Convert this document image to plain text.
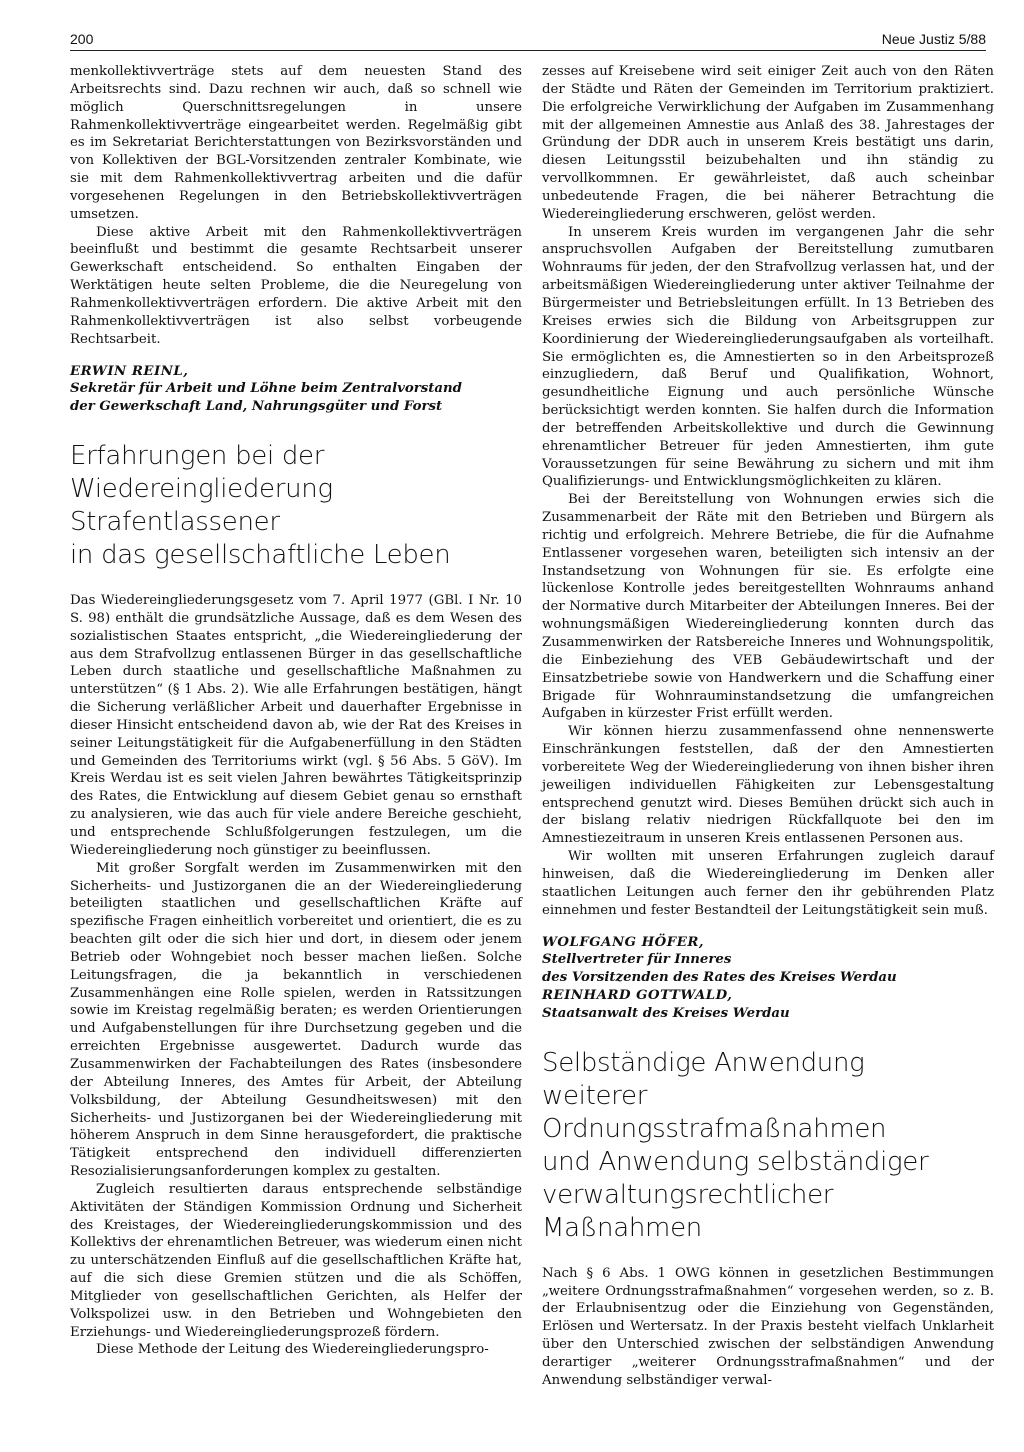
200	Neue Justiz 5/88

menkollektivverträge stets auf dem neuesten Stand des Arbeitsrechts sind. Dazu rechnen wir auch, daß so schnell wie möglich Querschnittsregelungen in unsere Rahmenkollektivverträge eingearbeitet werden. Regelmäßig gibt es im Sekretariat Berichterstattungen von Bezirksvorständen und von Kollektiven der BGL-Vorsitzenden zentraler Kombinate, wie sie mit dem Rahmenkollektivvertrag arbeiten und die dafür vorgesehenen Regelungen in den Betriebskollektivverträgen umsetzen.

Diese aktive Arbeit mit den Rahmenkollektivverträgen beeinflußt und bestimmt die gesamte Rechtsarbeit unserer Gewerkschaft entscheidend. So enthalten Eingaben der Werktätigen heute selten Probleme, die die Neuregelung von Rahmenkollektivverträgen erfordern. Die aktive Arbeit mit den Rahmenkollektivverträgen ist also selbst vorbeugende Rechtsarbeit.

ERWIN REINL,
Sekretär für Arbeit und Löhne beim Zentralvorstand
der Gewerkschaft Land, Nahrungsgüter und Forst
Erfahrungen bei der
Wiedereingliederung Strafentlassener
in das gesellschaftliche Leben

Das Wiedereingliederungsgesetz vom 7. April 1977 (GBl. I Nr. 10 S. 98) enthält die grundsätzliche Aussage, daß es dem Wesen des sozialistischen Staates entspricht, „die Wiedereingliederung der aus dem Strafvollzug entlassenen Bürger in das gesellschaftliche Leben durch staatliche und gesellschaftliche Maßnahmen zu unterstützen“ (§ 1 Abs. 2). Wie alle Erfahrungen bestätigen, hängt die Sicherung verläßlicher Arbeit und dauerhafter Ergebnisse in dieser Hinsicht entscheidend davon ab, wie der Rat des Kreises in seiner Leitungstätigkeit für die Aufgabenerfüllung in den Städten und Gemeinden des Territoriums wirkt (vgl. § 56 Abs. 5 GöV). Im Kreis Werdau ist es seit vielen Jahren bewährtes Tätigkeitsprinzip des Rates, die Entwicklung auf diesem Gebiet genau so ernsthaft zu analysieren, wie das auch für viele andere Bereiche geschieht, und entsprechende Schlußfolgerungen festzulegen, um die Wiedereingliederung noch günstiger zu beeinflussen.

Mit großer Sorgfalt werden im Zusammenwirken mit den Sicherheits- und Justizorganen die an der Wiedereingliederung beteiligten staatlichen und gesellschaftlichen Kräfte auf spezifische Fragen einheitlich vorbereitet und orientiert, die es zu beachten gilt oder die sich hier und dort, in diesem oder jenem Betrieb oder Wohngebiet noch besser machen ließen. Solche Leitungsfragen, die ja bekanntlich in verschiedenen Zusammenhängen eine Rolle spielen, werden in Ratssitzungen sowie im Kreistag regelmäßig beraten; es werden Orientierungen und Aufgabenstellungen für ihre Durchsetzung gegeben und die erreichten Ergebnisse ausgewertet. Dadurch wurde das Zusammenwirken der Fachabteilungen des Rates (insbesondere der Abteilung Inneres, des Amtes für Arbeit, der Abteilung Volksbildung, der Abteilung Gesundheitswesen) mit den Sicherheits- und Justizorganen bei der Wiedereingliederung mit höherem Anspruch in dem Sinne herausgefordert, die praktische Tätigkeit entsprechend den individuell differenzierten Resozialisierungsanforderungen komplex zu gestalten.

Zugleich resultierten daraus entsprechende selbständige Aktivitäten der Ständigen Kommission Ordnung und Sicherheit des Kreistages, der Wiedereingliederungskommission und des Kollektivs der ehrenamtlichen Betreuer, was wiederum einen nicht zu unterschätzenden Einfluß auf die gesellschaftlichen Kräfte hat, auf die sich diese Gremien stützen und die als Schöffen, Mitglieder von gesellschaftlichen Gerichten, als Helfer der Volkspolizei usw. in den Betrieben und Wohngebieten den Erziehungs- und Wiedereingliederungsprozeß fördern.

Diese Methode der Leitung des Wiedereingliederungspro-

zesses auf Kreisebene wird seit einiger Zeit auch von den Räten der Städte und Räten der Gemeinden im Territorium praktiziert. Die erfolgreiche Verwirklichung der Aufgaben im Zusammenhang mit der allgemeinen Amnestie aus Anlaß des 38. Jahrestages der Gründung der DDR auch in unserem Kreis bestätigt uns darin, diesen Leitungsstil beizubehalten und ihn ständig zu vervollkommnen. Er gewährleistet, daß auch scheinbar unbedeutende Fragen, die bei näherer Betrachtung die Wiedereingliederung erschweren, gelöst werden.

In unserem Kreis wurden im vergangenen Jahr die sehr anspruchsvollen Aufgaben der Bereitstellung zumutbaren Wohnraums für jeden, der den Strafvollzug verlassen hat, und der arbeitsmäßigen Wiedereingliederung unter aktiver Teilnahme der Bürgermeister und Betriebsleitungen erfüllt. In 13 Betrieben des Kreises erwies sich die Bildung von Arbeitsgruppen zur Koordinierung der Wiedereingliederungsaufgaben als vorteilhaft. Sie ermöglichten es, die Amnestierten so in den Arbeitsprozeß einzugliedern, daß Beruf und Qualifikation, Wohnort, gesundheitliche Eignung und auch persönliche Wünsche berücksichtigt werden konnten. Sie halfen durch die Information der betreffenden Arbeitskollektive und durch die Gewinnung ehrenamtlicher Betreuer für jeden Amnestierten, ihm gute Voraussetzungen für seine Bewährung zu sichern und mit ihm Qualifizierungs- und Entwicklungsmöglichkeiten zu klären.

Bei der Bereitstellung von Wohnungen erwies sich die Zusammenarbeit der Räte mit den Betrieben und Bürgern als richtig und erfolgreich. Mehrere Betriebe, die für die Aufnahme Entlassener vorgesehen waren, beteiligten sich intensiv an der Instandsetzung von Wohnungen für sie. Es erfolgte eine lückenlose Kontrolle jedes bereitgestellten Wohnraums anhand der Normative durch Mitarbeiter der Abteilungen Inneres. Bei der wohnungsmäßigen Wiedereingliederung konnten durch das Zusammenwirken der Ratsbereiche Inneres und Wohnungspolitik, die Einbeziehung des VEB Gebäudewirtschaft und der Einsatzbetriebe sowie von Handwerkern und die Schaffung einer Brigade für Wohnrauminstandsetzung die umfangreichen Aufgaben in kürzester Frist erfüllt werden.

Wir können hierzu zusammenfassend ohne nennenswerte Einschränkungen feststellen, daß der den Amnestierten vorbereitete Weg der Wiedereingliederung von ihnen bisher ihren jeweiligen individuellen Fähigkeiten zur Lebensgestaltung entsprechend genutzt wird. Dieses Bemühen drückt sich auch in der bislang relativ niedrigen Rückfallquote bei den im Amnestiezeitraum in unseren Kreis entlassenen Personen aus.

Wir wollten mit unseren Erfahrungen zugleich darauf hinweisen, daß die Wiedereingliederung im Denken aller staatlichen Leitungen auch ferner den ihr gebührenden Platz einnehmen und fester Bestandteil der Leitungstätigkeit sein muß.

WOLFGANG HÖFER,
Stellvertreter für Inneres
des Vorsitzenden des Rates des Kreises Werdau
REINHARD GOTTWALD,
Staatsanwalt des Kreises Werdau
Selbständige Anwendung
weiterer Ordnungsstrafmaßnahmen
und Anwendung selbständiger
verwaltungsrechtlicher Maßnahmen

Nach § 6 Abs. 1 OWG können in gesetzlichen Bestimmungen „weitere Ordnungsstrafmaßnahmen“ vorgesehen werden, so z. B. der Erlaubnisentzug oder die Einziehung von Gegenständen, Erlösen und Wertersatz. In der Praxis besteht vielfach Unklarheit über den Unterschied zwischen der selbständigen Anwendung derartiger „weiterer Ordnungsstrafmaßnahmen“ und der Anwendung selbständiger verwal-
